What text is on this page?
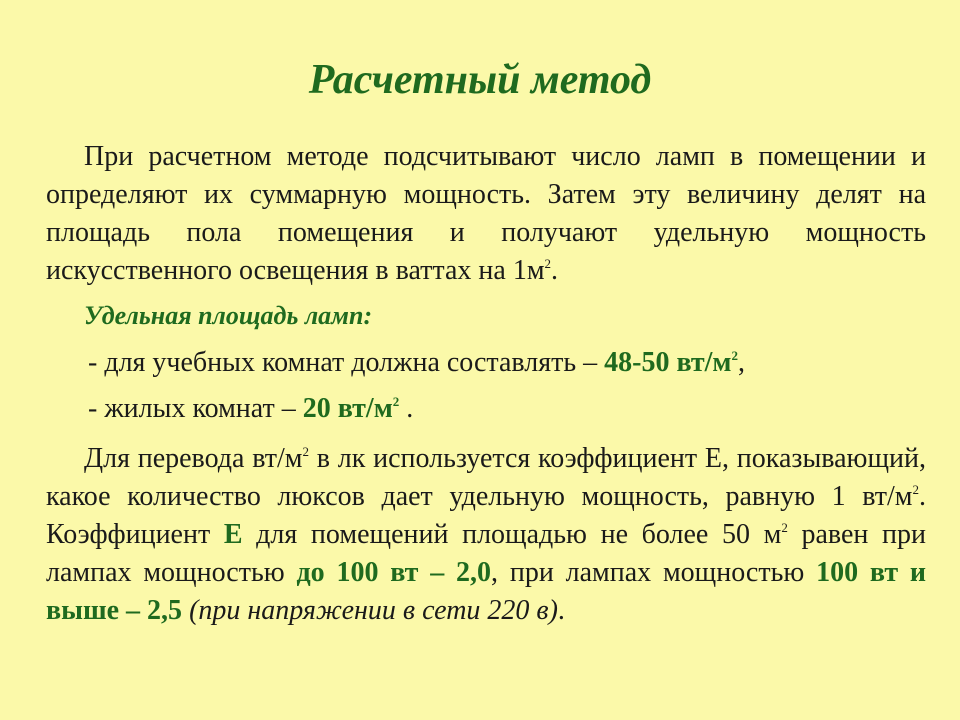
Расчетный метод

При расчетном методе подсчитывают число ламп в помещении и определяют их суммарную мощность. Затем эту величину делят на площадь пола помещения и получают удельную мощность искусственного освещения в ваттах на $1м^2$.

Удельная площадь ламп:
- для учебных комнат должна составлять – 48-50 $вт/м^2$,
- жилых комнат – 20 $вт/м^2$ .

Для перевода $вт/м^2$ в лк используется коэффициент Е, показывающий, какое количество люксов дает удельную мощность, равную 1 $вт/м^2$. Коэффициент Е для помещений площадью не более 50 $м^2$ равен при лампах мощностью до 100 вт – 2,0, при лампах мощностью 100 вт и выше – 2,5 (при напряжении в сети 220 в).
